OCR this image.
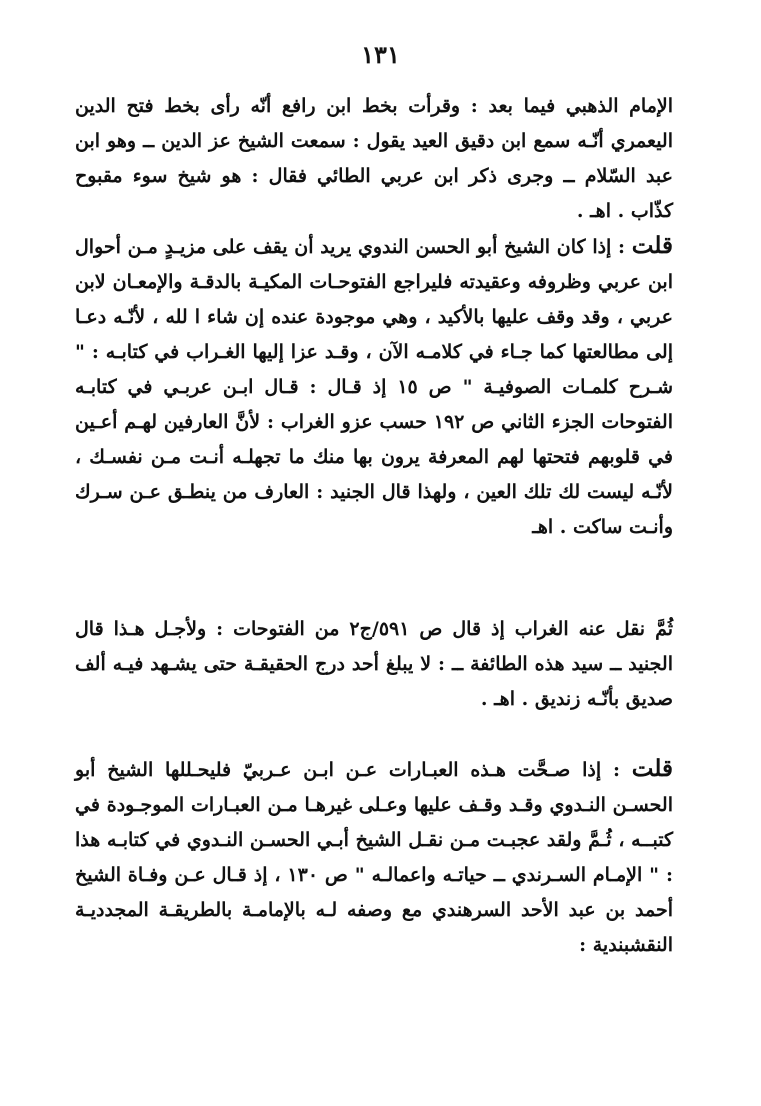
١٣١

الإمام الذهبي فيما بعد : وقرأت بخط ابن رافع أنّه رأى بخط فتح الدين اليعمري أنّـه سمع ابن دقيق العيد يقول : سمعت الشيخ عز الدين ــ وهو ابن عبد السّلام ــ وجرى ذكر ابن عربي الطائي فقال : هو شيخ سوء مقبوح كذّاب . اهـ .

قلت : إذا كان الشيخ أبو الحسن الندوي يريد أن يقف على مزيـدٍ مـن أحوال ابن عربي وظروفه وعقيدته فليراجع الفتوحـات المكيـة بالدقـة والإمعـان لابن عربي ، وقد وقف عليها بالأكيد ، وهي موجودة عنده إن شاء ا لله ، لأنّـه دعـا إلى مطالعتها كما جـاء في كلامـه الآن ، وقـد عزا إليها الغـراب في كتابـه : " شـرح كلمـات الصوفيـة " ص ١٥ إذ قـال : قـال ابـن عربـي في كتابـه الفتوحات الجزء الثاني ص ١٩٢ حسب عزو الغراب : لأنَّ العارفين لهـم أعـين في قلوبهم فتحتها لهم المعرفة يرون بها منك ما تجهلـه أنـت مـن نفسـك ، لأنّـه ليست لك تلك العين ، ولهذا قال الجنيد : العارف من ينطـق عـن سـرك وأنـت ساكت . اهـ

ثُمَّ نقل عنه الغراب إذ قال ص ٥٩١/ج٢ من الفتوحات : ولأجـل هـذا قال الجنيد ــ سيد هذه الطائفة ــ : لا يبلغ أحد درج الحقيقـة حتى يشـهد فيـه ألف صديق بأنّـه زنديق . اهـ .

قلت : إذا صـحَّت هـذه العبـارات عـن ابـن عـربيّ فليحـللها الشيخ أبو الحسـن النـدوي وقـد وقـف عليها وعـلى غيرهـا مـن العبـارات الموجـودة في كتبــه ، ثُـمَّ ولقد عجبـت مـن نقـل الشيخ أبـي الحسـن النـدوي في كتابـه هذا : " الإمـام السـرندي ــ حياتـه واعمالـه " ص ١٣٠ ، إذ قـال عـن وفـاة الشيخ أحمد بن عبد الأحد السرهندي مع وصفه لـه بالإمامـة بالطريقـة المجدديـة النقشبندية :
